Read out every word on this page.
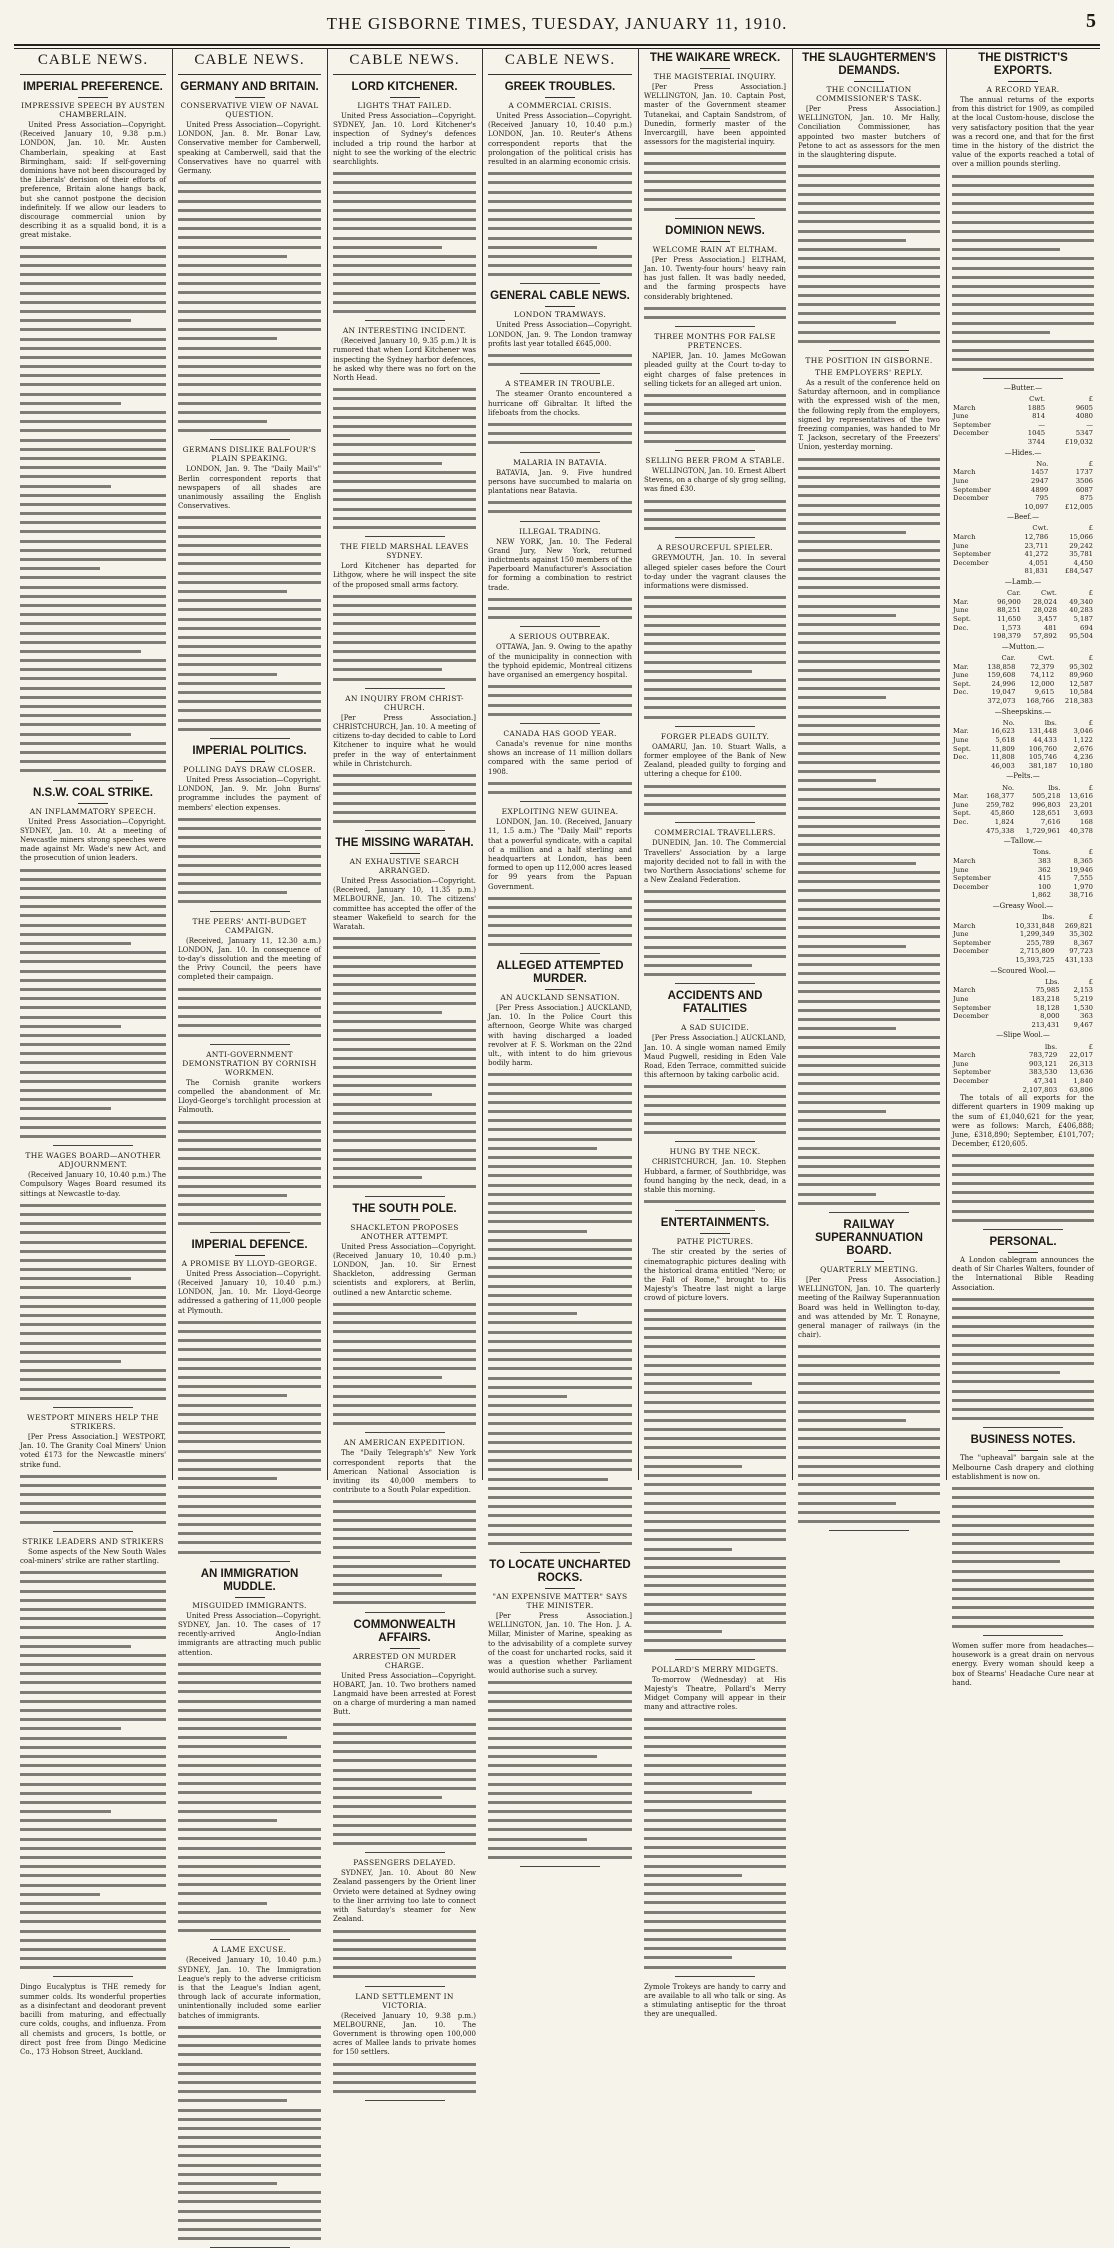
THE GISBORNE TIMES, TUESDAY, JANUARY 11, 1910.	5
CABLE NEWS.
IMPERIAL PREFERENCE.
IMPRESSIVE SPEECH BY AUSTEN CHAMBERLAIN.
United Press Association—Copyright. (Received January 10, 9.38 p.m.) LONDON, Jan. 10. Mr. Austen Chamberlain, speaking at East Birmingham, said: If self-governing dominions have not been discouraged by the Liberals' derision of their efforts of preference, Britain alone hangs back, but she cannot postpone the decision indefinitely. If we allow our leaders to discourage commercial union by describing it as a squalid bond, it is a great mistake.
N.S.W. COAL STRIKE.
AN INFLAMMATORY SPEECH.
United Press Association—Copyright. SYDNEY, Jan. 10. At a meeting of Newcastle miners strong speeches were made against Mr. Wade's new Act, and the prosecution of union leaders.
THE WAGES BOARD—ANOTHER ADJOURNMENT.
(Received January 10, 10.40 p.m.) The Compulsory Wages Board resumed its sittings at Newcastle to-day.
WESTPORT MINERS HELP THE STRIKERS.
[Per Press Association.] WESTPORT, Jan. 10. The Granity Coal Miners' Union voted £173 for the Newcastle miners' strike fund.
STRIKE LEADERS AND STRIKERS
Some aspects of the New South Wales coal-miners' strike are rather startling.
Dingo Eucalyptus is THE remedy for summer colds. Its wonderful properties as a disinfectant and deodorant prevent bacilli from maturing, and effectually cure colds, coughs, and influenza. From all chemists and grocers, 1s bottle, or direct post free from Dingo Medicine Co., 173 Hobson Street, Auckland.
CABLE NEWS.
GERMANY AND BRITAIN.
CONSERVATIVE VIEW OF NAVAL QUESTION.
United Press Association—Copyright. LONDON, Jan. 8. Mr. Bonar Law, Conservative member for Camberwell, speaking at Camberwell, said that the Conservatives have no quarrel with Germany.
GERMANS DISLIKE BALFOUR'S PLAIN SPEAKING.
LONDON, Jan. 9. The "Daily Mail's" Berlin correspondent reports that newspapers of all shades are unanimously assailing the English Conservatives.
IMPERIAL POLITICS.
POLLING DAYS DRAW CLOSER.
United Press Association—Copyright. LONDON, Jan. 9. Mr. John Burns' programme includes the payment of members' election expenses.
THE PEERS' ANTI-BUDGET CAMPAIGN.
(Received, January 11, 12.30 a.m.) LONDON, Jan. 10. In consequence of to-day's dissolution and the meeting of the Privy Council, the peers have completed their campaign.
ANTI-GOVERNMENT DEMONSTRATION BY CORNISH WORKMEN.
The Cornish granite workers compelled the abandonment of Mr. Lloyd-George's torchlight procession at Falmouth.
IMPERIAL DEFENCE.
A PROMISE BY LLOYD-GEORGE.
United Press Association—Copyright. (Received January 10, 10.40 p.m.) LONDON, Jan. 10. Mr. Lloyd-George addressed a gathering of 11,000 people at Plymouth.
AN IMMIGRATION MUDDLE.
MISGUIDED IMMIGRANTS.
United Press Association—Copyright. SYDNEY, Jan. 10. The cases of 17 recently-arrived Anglo-Indian immigrants are attracting much public attention.
A LAME EXCUSE.
(Received January 10, 10.40 p.m.) SYDNEY, Jan. 10. The Immigration League's reply to the adverse criticism is that the League's Indian agent, through lack of accurate information, unintentionally included some earlier batches of immigrants.
CABLE NEWS.
LORD KITCHENER.
LIGHTS THAT FAILED.
United Press Association—Copyright. SYDNEY, Jan. 10. Lord Kitchener's inspection of Sydney's defences included a trip round the harbor at night to see the working of the electric searchlights.
AN INTERESTING INCIDENT.
(Received January 10, 9.35 p.m.) It is rumored that when Lord Kitchener was inspecting the Sydney harbor defences, he asked why there was no fort on the North Head.
THE FIELD MARSHAL LEAVES SYDNEY.
Lord Kitchener has departed for Lithgow, where he will inspect the site of the proposed small arms factory.
AN INQUIRY FROM CHRIST-CHURCH.
[Per Press Association.] CHRISTCHURCH, Jan. 10. A meeting of citizens to-day decided to cable to Lord Kitchener to inquire what he would prefer in the way of entertainment while in Christchurch.
THE MISSING WARATAH.
AN EXHAUSTIVE SEARCH ARRANGED.
United Press Association—Copyright. (Received, January 10, 11.35 p.m.) MELBOURNE, Jan. 10. The citizens' committee has accepted the offer of the steamer Wakefield to search for the Waratah.
THE SOUTH POLE.
SHACKLETON PROPOSES ANOTHER ATTEMPT.
United Press Association—Copyright. (Received January 10, 10.40 p.m.) LONDON, Jan. 10. Sir Ernest Shackleton, addressing German scientists and explorers, at Berlin, outlined a new Antarctic scheme.
AN AMERICAN EXPEDITION.
The "Daily Telegraph's" New York correspondent reports that the American National Association is inviting its 40,000 members to contribute to a South Polar expedition.
COMMONWEALTH AFFAIRS.
ARRESTED ON MURDER CHARGE.
United Press Association—Copyright. HOBART, Jan. 10. Two brothers named Langmaid have been arrested at Forest on a charge of murdering a man named Butt.
PASSENGERS DELAYED.
SYDNEY, Jan. 10. About 80 New Zealand passengers by the Orient liner Orvieto were detained at Sydney owing to the liner arriving too late to connect with Saturday's steamer for New Zealand.
LAND SETTLEMENT IN VICTORIA.
(Received January 10, 9.38 p.m.) MELBOURNE, Jan. 10. The Government is throwing open 100,000 acres of Mallee lands to private homes for 150 settlers.
CABLE NEWS.
GREEK TROUBLES.
A COMMERCIAL CRISIS.
United Press Association—Copyright. (Received January 10, 10.40 p.m.) LONDON, Jan. 10. Reuter's Athens correspondent reports that the prolongation of the political crisis has resulted in an alarming economic crisis.
GENERAL CABLE NEWS.
LONDON TRAMWAYS.
United Press Association—Copyright. LONDON, Jan. 9. The London tramway profits last year totalled £645,000.
A STEAMER IN TROUBLE.
The steamer Oranto encountered a hurricane off Gibraltar. It lifted the lifeboats from the chocks.
MALARIA IN BATAVIA.
BATAVIA, Jan. 9. Five hundred persons have succumbed to malaria on plantations near Batavia.
ILLEGAL TRADING.
NEW YORK, Jan. 10. The Federal Grand Jury, New York, returned indictments against 150 members of the Paperboard Manufacturer's Association for forming a combination to restrict trade.
A SERIOUS OUTBREAK.
OTTAWA, Jan. 9. Owing to the apathy of the municipality in connection with the typhoid epidemic, Montreal citizens have organised an emergency hospital.
CANADA HAS GOOD YEAR.
Canada's revenue for nine months shows an increase of 11 million dollars compared with the same period of 1908.
EXPLOITING NEW GUINEA.
LONDON, Jan. 10. (Received, January 11, 1.5 a.m.) The "Daily Mail" reports that a powerful syndicate, with a capital of a million and a half sterling and headquarters at London, has been formed to open up 112,000 acres leased for 99 years from the Papuan Government.
ALLEGED ATTEMPTED MURDER.
AN AUCKLAND SENSATION.
[Per Press Association.] AUCKLAND, Jan. 10. In the Police Court this afternoon, George White was charged with having discharged a loaded revolver at F. S. Workman on the 22nd ult., with intent to do him grievous bodily harm.
TO LOCATE UNCHARTED ROCKS.
"AN EXPENSIVE MATTER" SAYS THE MINISTER.
[Per Press Association.] WELLINGTON, Jan. 10. The Hon. J. A. Millar, Minister of Marine, speaking as to the advisability of a complete survey of the coast for uncharted rocks, said it was a question whether Parliament would authorise such a survey.
THE WAIKARE WRECK.
THE MAGISTERIAL INQUIRY.
[Per Press Association.] WELLINGTON, Jan. 10. Captain Post, master of the Government steamer Tutanekai, and Captain Sandstrom, of Dunedin, formerly master of the Invercargill, have been appointed assessors for the magisterial inquiry.
DOMINION NEWS.
WELCOME RAIN AT ELTHAM.
[Per Press Association.] ELTHAM, Jan. 10. Twenty-four hours' heavy rain has just fallen. It was badly needed, and the farming prospects have considerably brightened.
THREE MONTHS FOR FALSE PRETENCES.
NAPIER, Jan. 10. James McGowan pleaded guilty at the Court to-day to eight charges of false pretences in selling tickets for an alleged art union.
SELLING BEER FROM A STABLE.
WELLINGTON, Jan. 10. Ernest Albert Stevens, on a charge of sly grog selling, was fined £30.
A RESOURCEFUL SPIELER.
GREYMOUTH, Jan. 10. In several alleged spieler cases before the Court to-day under the vagrant clauses the informations were dismissed.
FORGER PLEADS GUILTY.
OAMARU, Jan. 10. Stuart Walls, a former employee of the Bank of New Zealand, pleaded guilty to forging and uttering a cheque for £100.
COMMERCIAL TRAVELLERS.
DUNEDIN, Jan. 10. The Commercial Travellers' Association by a large majority decided not to fall in with the two Northern Associations' scheme for a New Zealand Federation.
ACCIDENTS AND FATALITIES
A SAD SUICIDE.
[Per Press Association.] AUCKLAND, Jan. 10. A single woman named Emily Maud Pugwell, residing in Eden Vale Road, Eden Terrace, committed suicide this afternoon by taking carbolic acid.
HUNG BY THE NECK.
CHRISTCHURCH, Jan. 10. Stephen Hubbard, a farmer, of Southbridge, was found hanging by the neck, dead, in a stable this morning.
ENTERTAINMENTS.
PATHE PICTURES.
The stir created by the series of cinematographic pictures dealing with the historical drama entitled "Nero; or the Fall of Rome," brought to His Majesty's Theatre last night a large crowd of picture lovers.
POLLARD'S MERRY MIDGETS.
To-morrow (Wednesday) at His Majesty's Theatre, Pollard's Merry Midget Company will appear in their many and attractive roles.
Zymole Trokeys are handy to carry and are available to all who talk or sing. As a stimulating antiseptic for the throat they are unequalled.
THE SLAUGHTERMEN'S DEMANDS.
THE CONCILIATION COMMISSIONER'S TASK.
[Per Press Association.] WELLINGTON, Jan. 10. Mr Hally, Conciliation Commissioner, has appointed two master butchers of Petone to act as assessors for the men in the slaughtering dispute.
THE POSITION IN GISBORNE.
THE EMPLOYERS' REPLY.
As a result of the conference held on Saturday afternoon, and in compliance with the expressed wish of the men, the following reply from the employers, signed by representatives of the two freezing companies, was handed to Mr T. Jackson, secretary of the Freezers' Union, yesterday morning.
RAILWAY SUPERANNUATION BOARD.
QUARTERLY MEETING.
[Per Press Association.] WELLINGTON, Jan. 10. The quarterly meeting of the Railway Superannuation Board was held in Wellington to-day, and was attended by Mr. T. Ronayne, general manager of railways (in the chair).
THE DISTRICT'S EXPORTS.
A RECORD YEAR.
The annual returns of the exports from this district for 1909, as compiled at the local Custom-house, disclose the very satisfactory position that the year was a record one, and that for the first time in the history of the district the value of the exports reached a total of over a million pounds sterling.
—Butter.—
	Cwt.	£
March	1885	9605
June	814	4080
September	—	—
December	1045	5347
	3744	£19,032
—Hides.—
	No.	£
March	1457	1737
June	2947	3506
September	4899	6087
December	795	875
	10,097	£12,005
—Beef.—
	Cwt.	£
March	12,786	15,066
June	23,711	29,242
September	41,272	35,781
December	4,051	4,450
	81,831	£84,547
—Lamb.—
	Car.	Cwt.	£
Mar.	96,900	28,024	49,340
June	88,251	28,028	40,283
Sept.	11,650	3,457	5,187
Dec.	1,573	481	694
	198,379	57,892	95,504
—Mutton.—
	Car.	Cwt.	£
Mar.	138,858	72,379	95,302
June	159,608	74,112	89,960
Sept.	24,996	12,000	12,587
Dec.	19,047	9,615	10,584
	372,073	168,766	218,383
—Sheepskins.—
	No.	lbs.	£
Mar.	16,623	131,448	3,046
June	5,618	44,433	1,122
Sept.	11,809	106,760	2,676
Dec.	11,808	105,746	4,236
	46,003	381,187	10,180
—Pelts.—
	No.	lbs.	£
Mar.	168,377	505,218	13,616
June	259,782	996,803	23,201
Sept.	45,860	128,651	3,693
Dec.	1,824	7,616	168
	475,338	1,729,961	40,378
—Tallow.—
	Tons.	£
March	383	8,365
June	362	19,946
September	415	7,555
December	100	1,970
	1,862	38,716
—Greasy Wool.—
	lbs.	£
March	10,331,848	269,821
June	1,299,349	35,302
September	255,789	8,367
December	2,715,809	97,723
	15,393,725	431,133
—Scoured Wool.—
	Lbs.	£
March	75,985	2,153
June	183,218	5,219
September	18,128	1,530
December	8,000	363
	213,431	9,467
—Slipe Wool.—
	lbs.	£
March	783,729	22,017
June	903,121	26,313
September	383,530	13,636
December	47,341	1,840
	2,107,803	63,806
The totals of all exports for the different quarters in 1909 making up the sum of £1,040,621 for the year, were as follows: March, £406,888; June, £318,890; September, £101,707; December, £120,605.
PERSONAL.
A London cablegram announces the death of Sir Charles Walters, founder of the International Bible Reading Association.
BUSINESS NOTES.
The "upheaval" bargain sale at the Melbourne Cash drapery and clothing establishment is now on.
Women suffer more from headaches—housework is a great drain on nervous energy. Every woman should keep a box of Stearns' Headache Cure near at hand.
